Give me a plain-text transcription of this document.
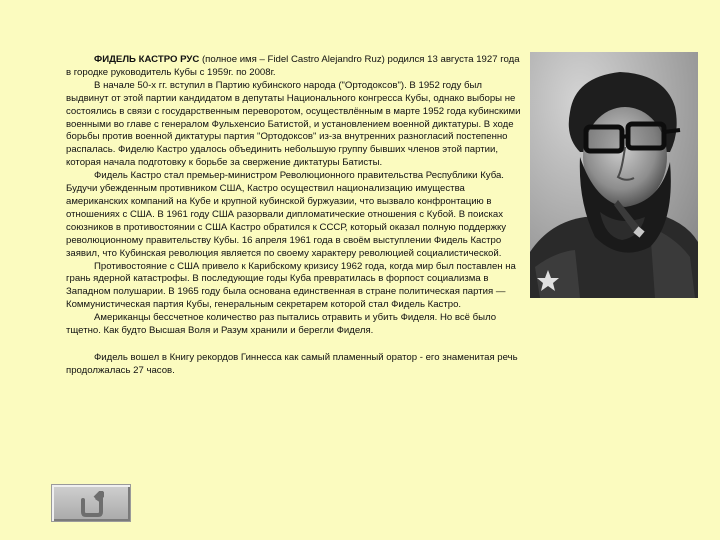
ФИДЕЛЬ КАСТРО РУС (полное имя – Fidel Castro Alejandro Ruz) родился 13 августа 1927 года в городке руководитель Кубы с 1959г. по 2008г.

В начале 50-х гг. вступил в Партию кубинского народа ("Ортодоксов"). В 1952 году был выдвинут от этой партии кандидатом в депутаты Национального конгресса Кубы, однако выборы не состоялись в связи с государственным переворотом, осуществлённым в марте 1952 года кубинскими военными во главе с генералом Фульхенсио Батистой, и установлением военной диктатуры. В ходе борьбы против военной диктатуры партия "Ортодоксов" из-за внутренних разногласий постепенно распалась. Фиделю Кастро удалось объединить небольшую группу бывших членов этой партии, которая начала подготовку к борьбе за свержение диктатуры Батисты.

Фидель Кастро стал премьер-министром Революционного правительства Республики Куба. Будучи убежденным противником США, Кастро осуществил национализацию имущества американских компаний на Кубе и крупной кубинской буржуазии, что вызвало конфронтацию в отношениях с США. В 1961 году США разорвали дипломатические отношения с Кубой. В поисках союзников в противостоянии с США Кастро обратился к СССР, который оказал полную поддержку революционному правительству Кубы. 16 апреля 1961 года в своём выступлении Фидель Кастро заявил, что Кубинская революция является по своему характеру революцией социалистической.

Противостояние с США привело к Карибскому кризису 1962 года, когда мир был поставлен на грань ядерной катастрофы. В последующие годы Куба превратилась в форпост социализма в Западном полушарии. В 1965 году была основана единственная в стране политическая партия — Коммунистическая партия Кубы, генеральным секретарем которой стал Фидель Кастро.

Американцы бессчетное количество раз пытались отравить и убить Фиделя. Но всё было тщетно. Как будто Высшая Воля и Разум хранили и берегли Фиделя.

Фидель вошел в Книгу рекордов Гиннесса как самый пламенный оратор - его знаменитая речь продолжалась 27 часов.
